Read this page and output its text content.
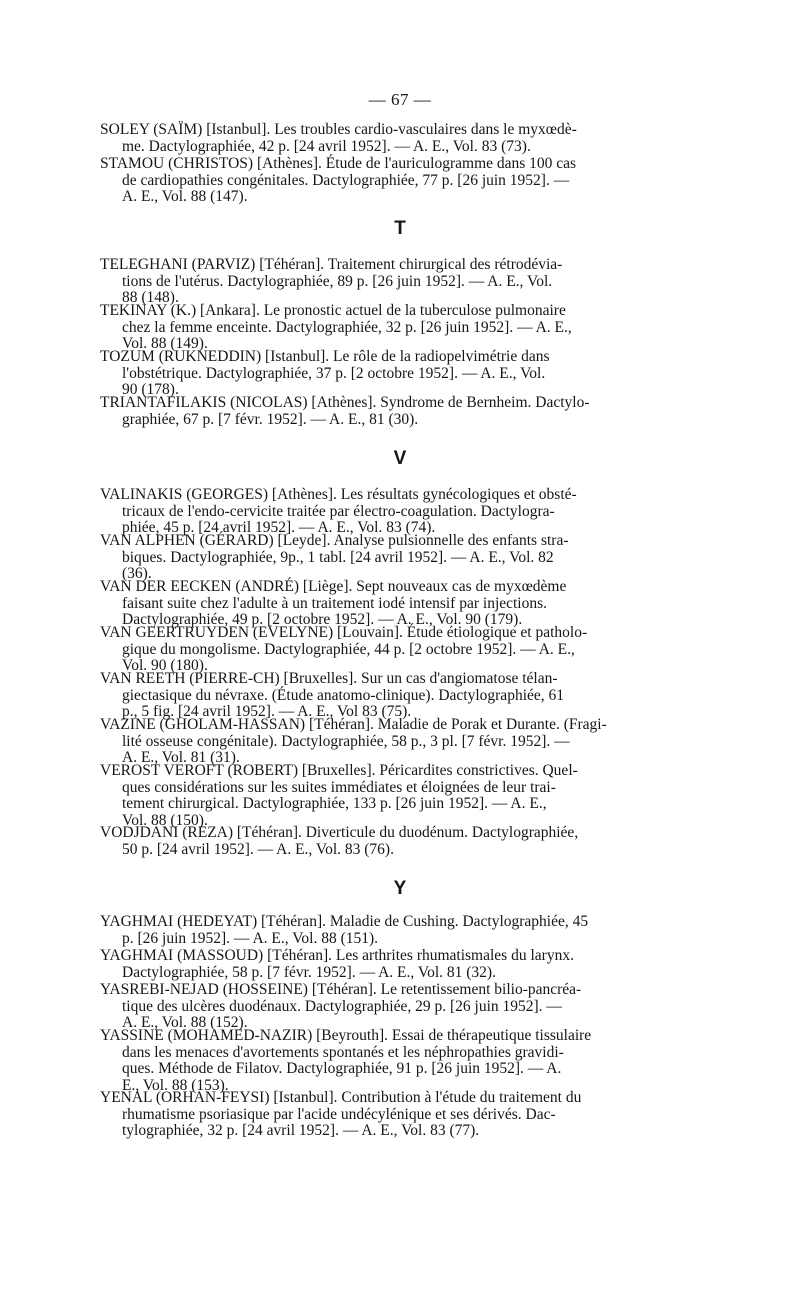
— 67 —
SOLEY (SAÏM) [Istanbul]. Les troubles cardio-vasculaires dans le myxœdè-
me. Dactylographiée, 42 p. [24 avril 1952]. — A. E., Vol. 83 (73).
STAMOU (CHRISTOS) [Athènes]. Étude de l'auriculogramme dans 100 cas
de cardiopathies congénitales. Dactylographiée, 77 p. [26 juin 1952]. —
A. E., Vol. 88 (147).
T
TELEGHANI (PARVIZ) [Téhéran]. Traitement chirurgical des rétrodévia-
tions de l'utérus. Dactylographiée, 89 p. [26 juin 1952]. — A. E., Vol.
88 (148).
TEKINAY (K.) [Ankara]. Le pronostic actuel de la tuberculose pulmonaire
chez la femme enceinte. Dactylographiée, 32 p. [26 juin 1952]. — A. E.,
Vol. 88 (149).
TOZUM (RUKNEDDIN) [Istanbul]. Le rôle de la radiopelvimétrie dans
l'obstétrique. Dactylographiée, 37 p. [2 octobre 1952]. — A. E., Vol.
90 (178).
TRIANTAFILAKIS (NICOLAS) [Athènes]. Syndrome de Bernheim. Dactylo-
graphiée, 67 p. [7 févr. 1952]. — A. E., 81 (30).
V
VALINAKIS (GEORGES) [Athènes]. Les résultats gynécologiques et obsté-
tricaux de l'endo-cervicite traitée par électro-coagulation. Dactylogra-
phiée, 45 p. [24 avril 1952]. — A. E., Vol. 83 (74).
VAN ALPHEN (GÉRARD) [Leyde]. Analyse pulsionnelle des enfants stra-
biques. Dactylographiée, 9p., 1 tabl. [24 avril 1952]. — A. E., Vol. 82
(36).
VAN DER EECKEN (ANDRÉ) [Liège]. Sept nouveaux cas de myxœdème
faisant suite chez l'adulte à un traitement iodé intensif par injections.
Dactylographiée, 49 p. [2 octobre 1952]. — A. E., Vol. 90 (179).
VAN GEERTRUYDEN (EVELYNE) [Louvain]. Étude étiologique et patholo-
gique du mongolisme. Dactylographiée, 44 p. [2 octobre 1952]. — A. E.,
Vol. 90 (180).
VAN REETH (PIERRE-CH) [Bruxelles]. Sur un cas d'angiomatose télan-
giectasique du névraxe. (Étude anatomo-clinique). Dactylographiée, 61
p., 5 fig. [24 avril 1952]. — A. E., Vol 83 (75).
VAZINE (GHOLAM-HASSAN) [Téhéran]. Maladie de Porak et Durante. (Fragi-
lité osseuse congénitale). Dactylographiée, 58 p., 3 pl. [7 févr. 1952]. —
A. E., Vol. 81 (31).
VEROST VEROFT (ROBERT) [Bruxelles]. Péricardites constrictives. Quel-
ques considérations sur les suites immédiates et éloignées de leur trai-
tement chirurgical. Dactylographiée, 133 p. [26 juin 1952]. — A. E.,
Vol. 88 (150).
VODJDANI (REZA) [Téhéran]. Diverticule du duodénum. Dactylographiée,
50 p. [24 avril 1952]. — A. E., Vol. 83 (76).
Y
YAGHMAI (HEDEYAT) [Téhéran]. Maladie de Cushing. Dactylographiée, 45
p. [26 juin 1952]. — A. E., Vol. 88 (151).
YAGHMAI (MASSOUD) [Téhéran]. Les arthrites rhumatismales du larynx.
Dactylographiée, 58 p. [7 févr. 1952]. — A. E., Vol. 81 (32).
YASREBI-NEJAD (HOSSEINE) [Téhéran]. Le retentissement bilio-pancréa-
tique des ulcères duodénaux. Dactylographiée, 29 p. [26 juin 1952]. —
A. E., Vol. 88 (152).
YASSINE (MOHAMED-NAZIR) [Beyrouth]. Essai de thérapeutique tissulaire
dans les menaces d'avortements spontanés et les néphropathies gravidi-
ques. Méthode de Filatov. Dactylographiée, 91 p. [26 juin 1952]. — A.
E., Vol. 88 (153).
YENAL (ORHAN-FEYSI) [Istanbul]. Contribution à l'étude du traitement du
rhumatisme psoriasique par l'acide undécylénique et ses dérivés. Dac-
tylographiée, 32 p. [24 avril 1952]. — A. E., Vol. 83 (77).
